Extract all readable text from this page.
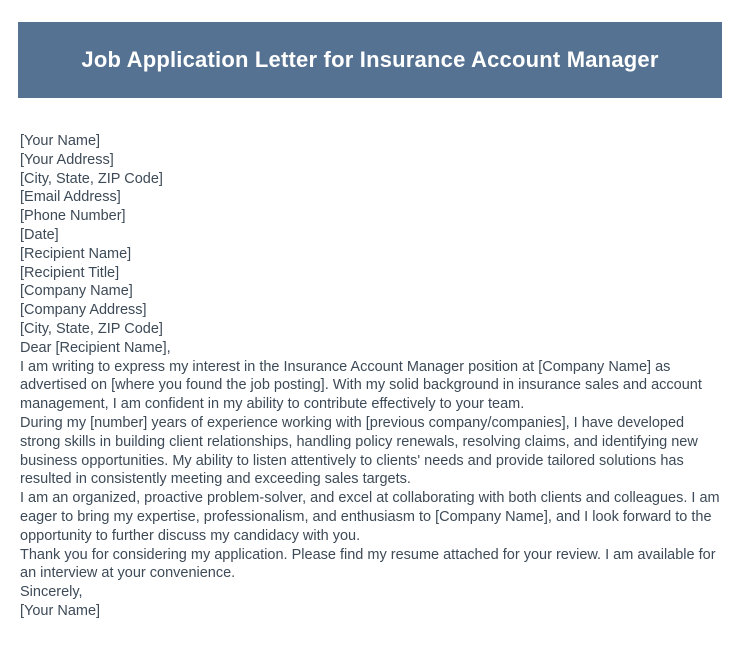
Job Application Letter for Insurance Account Manager

[Your Name]

[Your Address]

[City, State, ZIP Code]

[Email Address]

[Phone Number]

[Date]

[Recipient Name]

[Recipient Title]

[Company Name]

[Company Address]

[City, State, ZIP Code]

Dear [Recipient Name],

I am writing to express my interest in the Insurance Account Manager position at [Company Name] as advertised on [where you found the job posting]. With my solid background in insurance sales and account management, I am confident in my ability to contribute effectively to your team.

During my [number] years of experience working with [previous company/companies], I have developed strong skills in building client relationships, handling policy renewals, resolving claims, and identifying new business opportunities. My ability to listen attentively to clients' needs and provide tailored solutions has resulted in consistently meeting and exceeding sales targets.

I am an organized, proactive problem-solver, and excel at collaborating with both clients and colleagues. I am eager to bring my expertise, professionalism, and enthusiasm to [Company Name], and I look forward to the opportunity to further discuss my candidacy with you.

Thank you for considering my application. Please find my resume attached for your review. I am available for an interview at your convenience.

Sincerely,

[Your Name]
